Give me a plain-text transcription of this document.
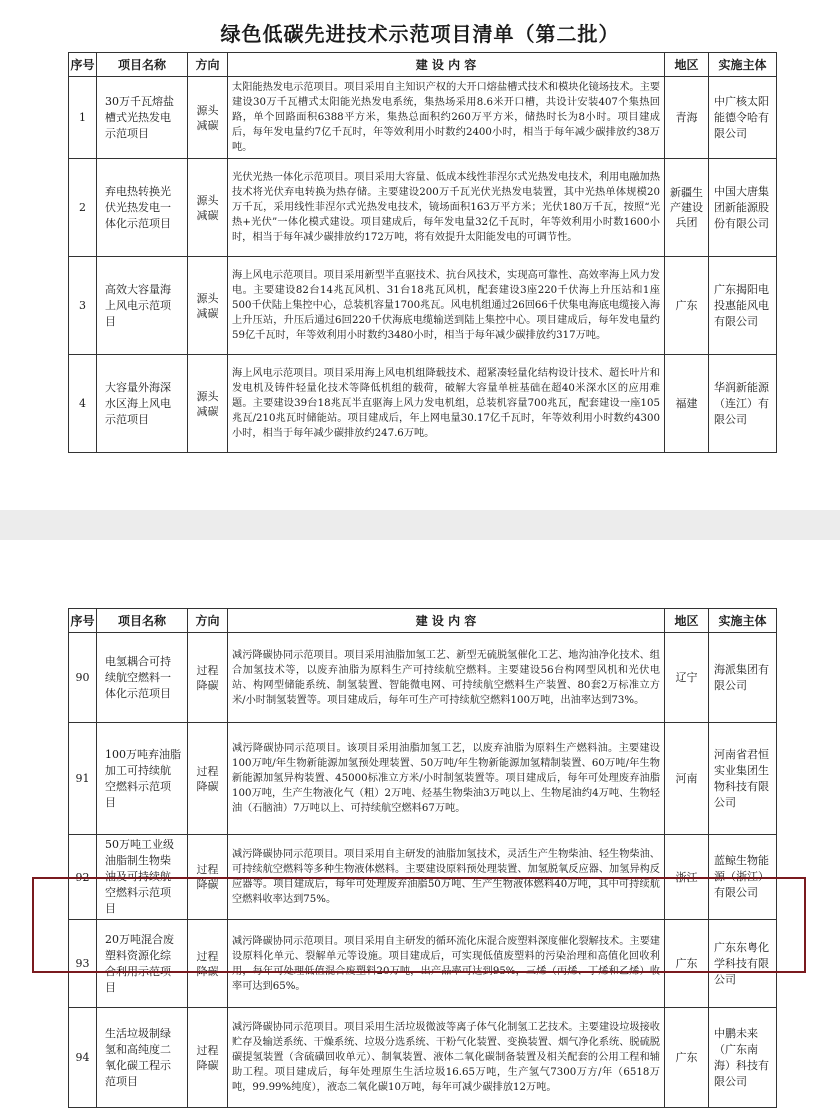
绿色低碳先进技术示范项目清单（第二批）
序号	项目名称	方向	建 设 内 容	地区	实施主体
1	30万千瓦熔盐槽式光热发电示范项目	源头减碳	太阳能热发电示范项目。项目采用自主知识产权的大开口熔盐槽式技术和模块化镜场技术。主要建设30万千瓦槽式太阳能光热发电系统，集热场采用8.6米开口槽，共设计安装407个集热回路，单个回路面积6388平方米，集热总面积约260万平方米，储热时长为8小时。项目建成后，每年发电量约7亿千瓦时，年等效利用小时数约2400小时，相当于每年减少碳排放约38万吨。	青海	中广核太阳能德令哈有限公司
2	弃电热转换光伏光热发电一体化示范项目	源头减碳	光伏光热一体化示范项目。项目采用大容量、低成本线性菲涅尔式光热发电技术，利用电融加热技术将光伏弃电转换为热存储。主要建设200万千瓦光伏光热发电装置，其中光热单体规模20万千瓦，采用线性菲涅尔式光热发电技术，镜场面积163万平方米；光伏180万千瓦，按照“光热+光伏”一体化模式建设。项目建成后，每年发电量32亿千瓦时，年等效利用小时数1600小时，相当于每年减少碳排放约172万吨，将有效提升太阳能发电的可调节性。	新疆生产建设兵团	中国大唐集团新能源股份有限公司
3	高效大容量海上风电示范项目	源头减碳	海上风电示范项目。项目采用新型半直驱技术、抗台风技术，实现高可靠性、高效率海上风力发电。主要建设82台14兆瓦风机、31台18兆瓦风机，配套建设3座220千伏海上升压站和1座500千伏陆上集控中心，总装机容量1700兆瓦。风电机组通过26回66千伏集电海底电缆接入海上升压站，升压后通过6回220千伏海底电缆输送到陆上集控中心。项目建成后，每年发电量约59亿千瓦时，年等效利用小时数约3480小时，相当于每年减少碳排放约317万吨。	广东	广东揭阳电投惠能风电有限公司
4	大容量外海深水区海上风电示范项目	源头减碳	海上风电示范项目。项目采用海上风电机组降载技术、超紧凑轻量化结构设计技术、超长叶片和发电机及铸件轻量化技术等降低机组的载荷，破解大容量单桩基础在超40米深水区的应用难题。主要建设39台18兆瓦半直驱海上风力发电机组，总装机容量700兆瓦，配套建设一座105兆瓦/210兆瓦时储能站。项目建成后，年上网电量30.17亿千瓦时，年等效利用小时数约4300小时，相当于每年减少碳排放约247.6万吨。	福建	华润新能源（连江）有限公司
序号	项目名称	方向	建 设 内 容	地区	实施主体
90	电氢耦合可持续航空燃料一体化示范项目	过程降碳	减污降碳协同示范项目。项目采用油脂加氢工艺、新型无硫脱氢催化工艺、地沟油净化技术、组合加氢技术等，以废弃油脂为原料生产可持续航空燃料。主要建设56台构网型风机和光伏电站、构网型储能系统、制氢装置、智能微电网、可持续航空燃料生产装置、80套2万标准立方米/小时制氢装置等。项目建成后，每年可生产可持续航空燃料100万吨，出油率达到73%。	辽宁	海派集团有限公司
91	100万吨弃油脂加工可持续航空燃料示范项目	过程降碳	减污降碳协同示范项目。该项目采用油脂加氢工艺，以废弃油脂为原料生产燃料油。主要建设100万吨/年生物新能源加氢预处理装置、50万吨/年生物新能源加氢精制装置、60万吨/年生物新能源加氢异构装置、45000标准立方米/小时制氢装置等。项目建成后，每年可处理废弃油脂100万吨，生产生物液化气（粗）2万吨、烃基生物柴油3万吨以上、生物尾油约4万吨、生物轻油（石脑油）7万吨以上、可持续航空燃料67万吨。	河南	河南省君恒实业集团生物科技有限公司
92	50万吨工业级油脂制生物柴油及可持续航空燃料示范项目	过程降碳	减污降碳协同示范项目。项目采用自主研发的油脂加氢技术，灵活生产生物柴油、轻生物柴油、可持续航空燃料等多种生物液体燃料。主要建设原料预处理装置、加氢脱氧反应器、加氢异构反应器等。项目建成后，每年可处理废弃油脂50万吨、生产生物液体燃料40万吨，其中可持续航空燃料收率达到75%。	浙江	蓝鲸生物能源（浙江）有限公司
93	20万吨混合废塑料资源化综合利用示范项目	过程降碳	减污降碳协同示范项目。项目采用自主研发的循环流化床混合废塑料深度催化裂解技术。主要建设原料化单元、裂解单元等设施。项目建成后，可实现低值废塑料的污染治理和高值化回收利用，每年可处理低值混合废塑料20万吨，出产品率可达到95%，三烯（丙烯、丁烯和乙烯）收率可达到65%。	广东	广东东粤化学科技有限公司
94	生活垃圾制绿氢和高纯度二氧化碳工程示范项目	过程降碳	减污降碳协同示范项目。项目采用生活垃圾微波等离子体气化制氢工艺技术。主要建设垃圾接收贮存及输送系统、干燥系统、垃圾分选系统、干粉气化装置、变换装置、烟气净化系统、脱硫脱碳提氢装置（含硫磺回收单元）、制氧装置、液体二氧化碳制备装置及相关配套的公用工程和辅助工程。项目建成后，每年处理原生生活垃圾16.65万吨，生产氢气7300万方/年（6518万吨，99.99%纯度），液态二氧化碳10万吨，每年可减少碳排放12万吨。	广东	中鹏未来（广东南海）科技有限公司
